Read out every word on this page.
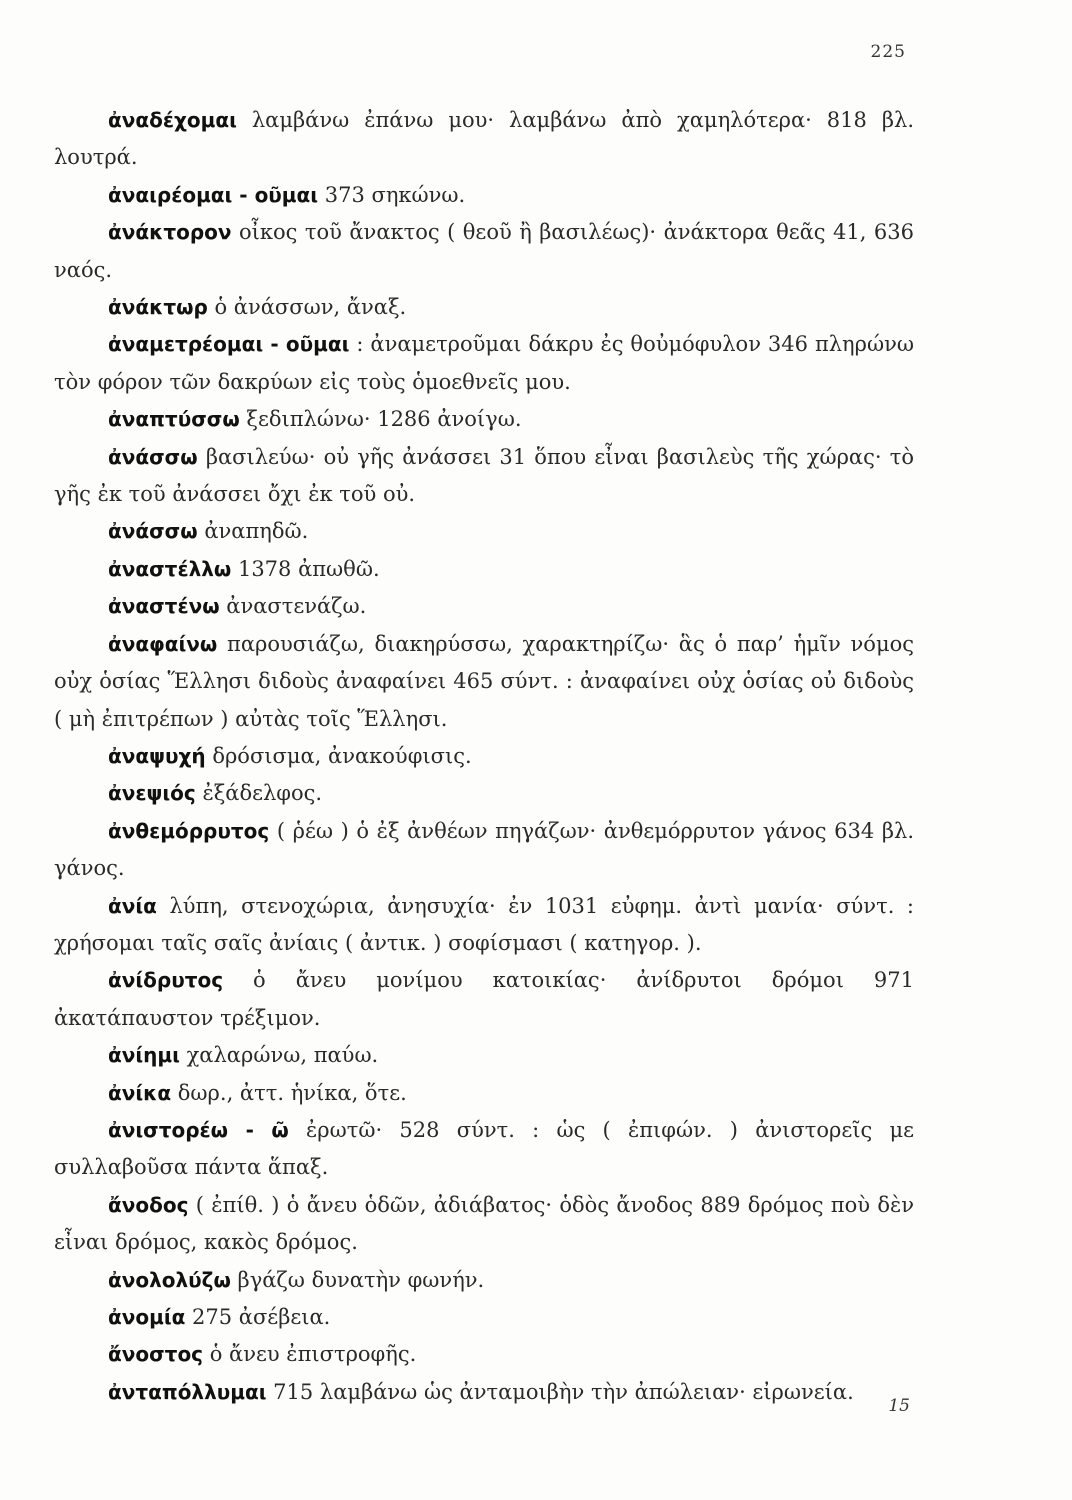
225

ἀναδέχομαι λαμβάνω ἐπάνω μου· λαμβάνω ἀπὸ χαμηλότερα· 818 βλ. λουτρά.

ἀναιρέομαι - οῦμαι 373 σηκώνω.

ἀνάκτορον οἶκος τοῦ ἄνακτος ( θεοῦ ἢ βασιλέως)· ἀνάκτορα θεᾶς 41, 636 ναός.

ἀνάκτωρ ὁ ἀνάσσων, ἄναξ.

ἀναμετρέομαι - οῦμαι : ἀναμετροῦμαι δάκρυ ἐς θοὐμόφυλον 346 πληρώνω τὸν φόρον τῶν δακρύων εἰς τοὺς ὁμοεθνεῖς μου.

ἀναπτύσσω ξεδιπλώνω· 1286 ἀνοίγω.

ἀνάσσω βασιλεύω· οὐ γῆς ἀνάσσει 31 ὅπου εἶναι βασιλεὺς τῆς χώρας· τὸ γῆς ἐκ τοῦ ἀνάσσει ὄχι ἐκ τοῦ οὐ.

ἀνάσσω ἀναπηδῶ.

ἀναστέλλω 1378 ἀπωθῶ.

ἀναστένω ἀναστενάζω.

ἀναφαίνω παρουσιάζω, διακηρύσσω, χαρακτηρίζω· ἃς ὁ παρ’ ἡμῖν νόμος οὐχ ὁσίας Ἕλλησι διδοὺς ἀναφαίνει 465 σύντ. : ἀναφαίνει οὐχ ὁσίας οὐ διδοὺς ( μὴ ἐπιτρέπων ) αὐτὰς τοῖς Ἕλλησι.

ἀναψυχή δρόσισμα, ἀνακούφισις.

ἀνεψιός ἐξάδελφος.

ἀνθεμόρρυτος ( ῥέω ) ὁ ἐξ ἀνθέων πηγάζων· ἀνθεμόρρυτον γάνος 634 βλ. γάνος.

ἀνία λύπη, στενοχώρια, ἀνησυχία· ἐν 1031 εὐφημ. ἀντὶ μανία· σύντ. : χρήσομαι ταῖς σαῖς ἀνίαις ( ἀντικ. ) σοφίσμασι ( κατηγορ. ).

ἀνίδρυτος ὁ ἄνευ μονίμου κατοικίας· ἀνίδρυτοι δρόμοι 971 ἀκατάπαυστον τρέξιμον.

ἀνίημι χαλαρώνω, παύω.

ἀνίκα δωρ., ἀττ. ἡνίκα, ὅτε.

ἀνιστορέω - ῶ ἐρωτῶ· 528 σύντ. : ὡς ( ἐπιφών. ) ἀνιστορεῖς με συλλαβοῦσα πάντα ἅπαξ.

ἄνοδος ( ἐπίθ. ) ὁ ἄνευ ὁδῶν, ἀδιάβατος· ὁδὸς ἄνοδος 889 δρόμος ποὺ δὲν εἶναι δρόμος, κακὸς δρόμος.

ἀνολολύζω βγάζω δυνατὴν φωνήν.

ἀνομία 275 ἀσέβεια.

ἄνοστος ὁ ἄνευ ἐπιστροφῆς.

ἀνταπόλλυμαι 715 λαμβάνω ὡς ἀνταμοιβὴν τὴν ἀπώλειαν· εἰρωνεία.

15
